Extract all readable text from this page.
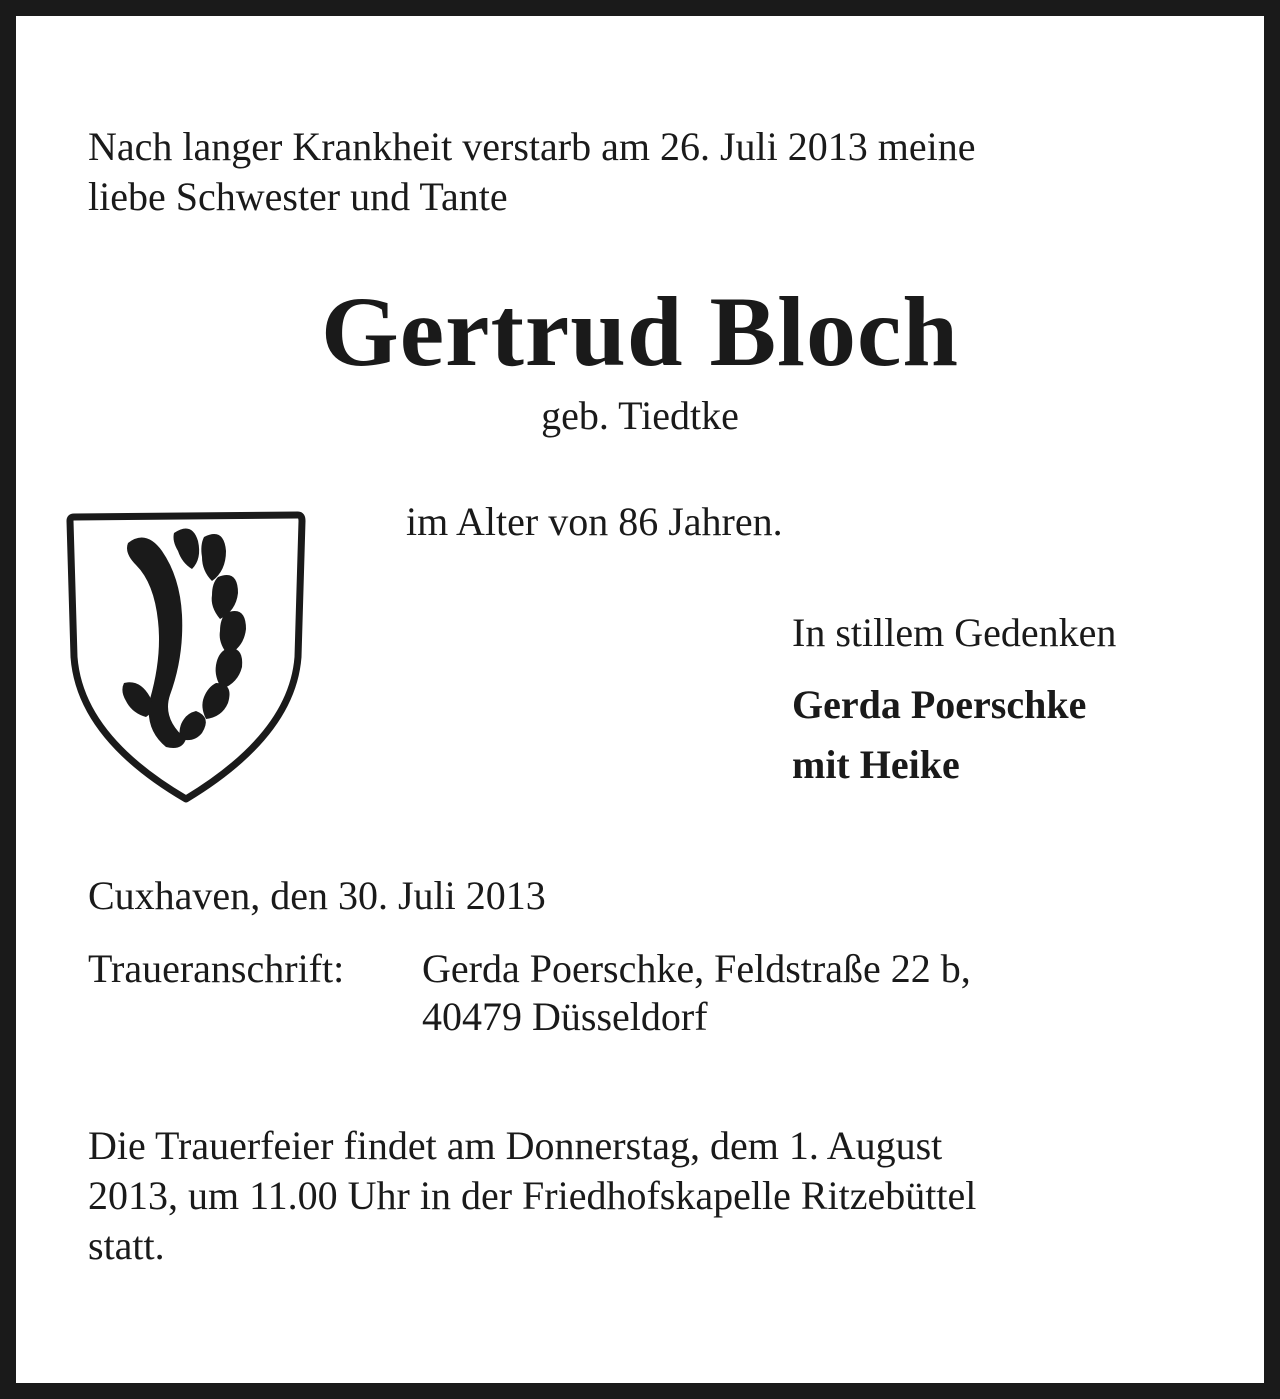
Nach langer Krankheit verstarb am 26. Juli 2013 meine
liebe Schwester und Tante
Gertrud Bloch

geb. Tiedtke

im Alter von 86 Jahren.
In stillem Gedenken
Gerda Poerschke
mit Heike
Cuxhaven, den 30. Juli 2013
Traueranschrift: Gerda Poerschke, Feldstraße 22 b,
40479 Düsseldorf
Die Trauerfeier findet am Donnerstag, dem 1. August
2013, um 11.00 Uhr in der Friedhofskapelle Ritzebüttel
statt.
